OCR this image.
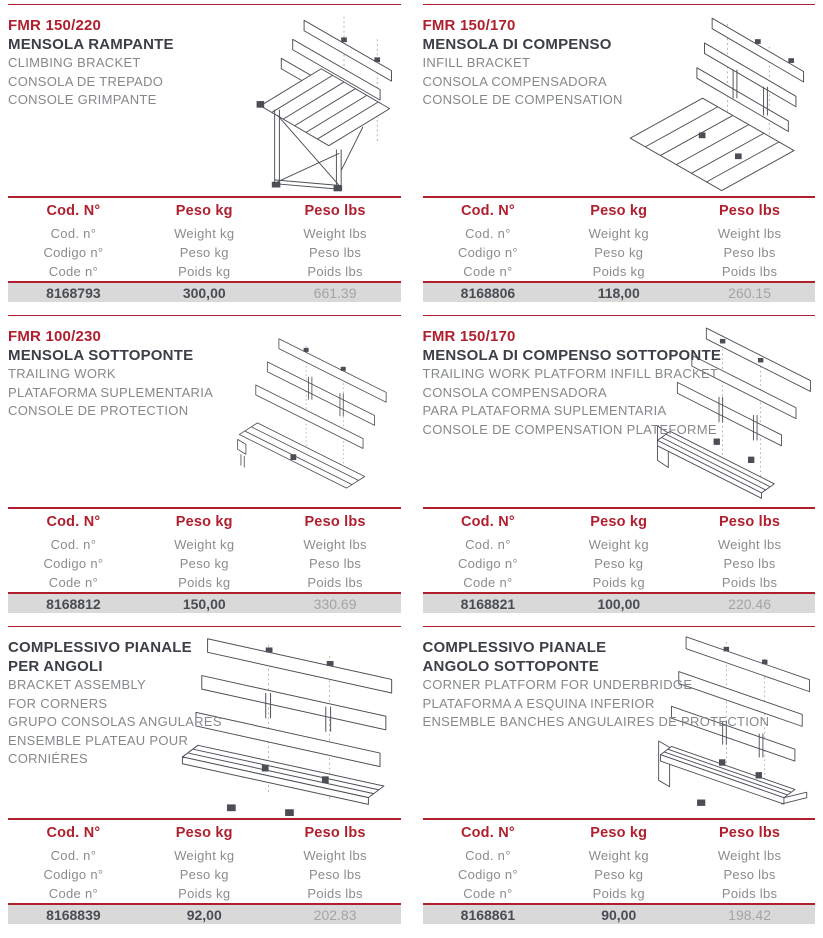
FMR 150/220
MENSOLA RAMPANTE
CLIMBING BRACKET
CONSOLA DE TREPADO
CONSOLE GRIMPANTE
Cod. N°	Peso kg	Peso lbs
Cod. n°	Weight kg	Weight lbs
Codigo n°	Peso kg	Peso lbs
Code n°	Poids kg	Poids lbs
8168793	300,00	661.39
FMR 150/170
MENSOLA DI COMPENSO
INFILL BRACKET
CONSOLA COMPENSADORA
CONSOLE DE COMPENSATION
Cod. N°	Peso kg	Peso lbs
Cod. n°	Weight kg	Weight lbs
Codigo n°	Peso kg	Peso lbs
Code n°	Poids kg	Poids lbs
8168806	118,00	260.15
FMR 100/230
MENSOLA SOTTOPONTE
TRAILING WORK
PLATAFORMA SUPLEMENTARIA
CONSOLE DE PROTECTION
Cod. N°	Peso kg	Peso lbs
Cod. n°	Weight kg	Weight lbs
Codigo n°	Peso kg	Peso lbs
Code n°	Poids kg	Poids lbs
8168812	150,00	330.69
FMR 150/170
MENSOLA DI COMPENSO SOTTOPONTE
TRAILING WORK PLATFORM INFILL BRACKET
CONSOLA COMPENSADORA
PARA PLATAFORMA SUPLEMENTARIA
CONSOLE DE COMPENSATION PLATEFORME
Cod. N°	Peso kg	Peso lbs
Cod. n°	Weight kg	Weight lbs
Codigo n°	Peso kg	Peso lbs
Code n°	Poids kg	Poids lbs
8168821	100,00	220.46
COMPLESSIVO PIANALE
PER ANGOLI
BRACKET ASSEMBLY
FOR CORNERS
GRUPO CONSOLAS ANGULARES
ENSEMBLE PLATEAU POUR
CORNIÉRES
Cod. N°	Peso kg	Peso lbs
Cod. n°	Weight kg	Weight lbs
Codigo n°	Peso kg	Peso lbs
Code n°	Poids kg	Poids lbs
8168839	92,00	202.83
COMPLESSIVO PIANALE
ANGOLO SOTTOPONTE
CORNER PLATFORM FOR UNDERBRIDGE
PLATAFORMA A ESQUINA INFERIOR
ENSEMBLE BANCHES ANGULAIRES DE PROTECTION
Cod. N°	Peso kg	Peso lbs
Cod. n°	Weight kg	Weight lbs
Codigo n°	Peso kg	Peso lbs
Code n°	Poids kg	Poids lbs
8168861	90,00	198.42
